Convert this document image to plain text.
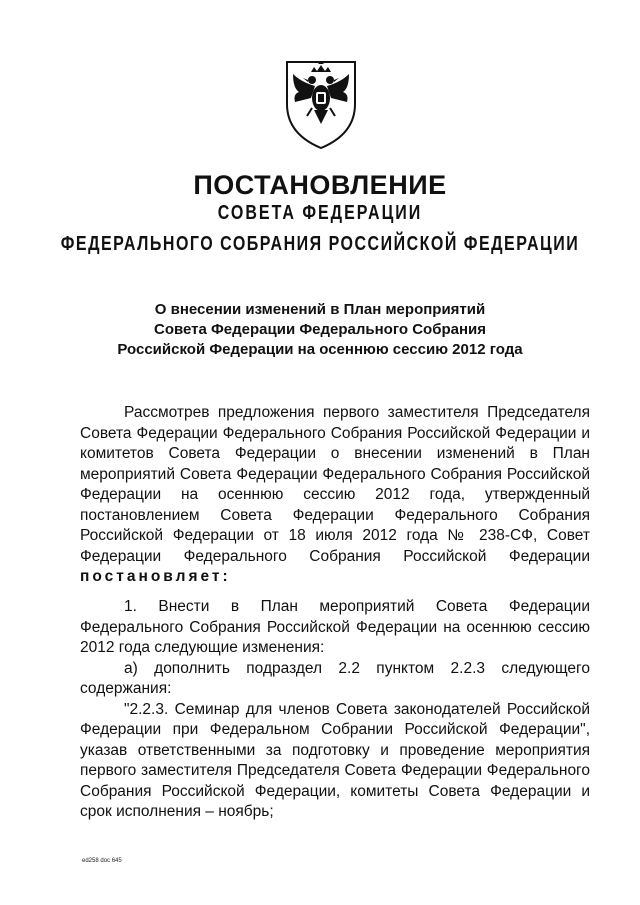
ПОСТАНОВЛЕНИЕ
СОВЕТА ФЕДЕРАЦИИ
ФЕДЕРАЛЬНОГО СОБРАНИЯ РОССИЙСКОЙ ФЕДЕРАЦИИ
О внесении изменений в План мероприятий
Совета Федерации Федерального Собрания
Российской Федерации на осеннюю сессию 2012 года

Рассмотрев предложения первого заместителя Председателя Совета Федерации Федерального Собрания Российской Федерации и комитетов Совета Федерации о внесении изменений в План мероприятий Совета Федерации Федерального Собрания Российской Федерации на осеннюю сессию 2012 года, утвержденный постановлением Совета Федерации Федерального Собрания Российской Федерации от 18 июля 2012 года № 238-СФ, Совет Федерации Федерального Собрания Российской Федерации постановляет:

1. Внести в План мероприятий Совета Федерации Федерального Собрания Российской Федерации на осеннюю сессию 2012 года следующие изменения:

а) дополнить подраздел 2.2 пунктом 2.2.3 следующего содержания:

"2.2.3. Семинар для членов Совета законодателей Российской Федерации при Федеральном Собрании Российской Федерации", указав ответственными за подготовку и проведение мероприятия первого заместителя Председателя Совета Федерации Федерального Собрания Российской Федерации, комитеты Совета Федерации и срок исполнения – ноябрь;

ed258 doc 645
